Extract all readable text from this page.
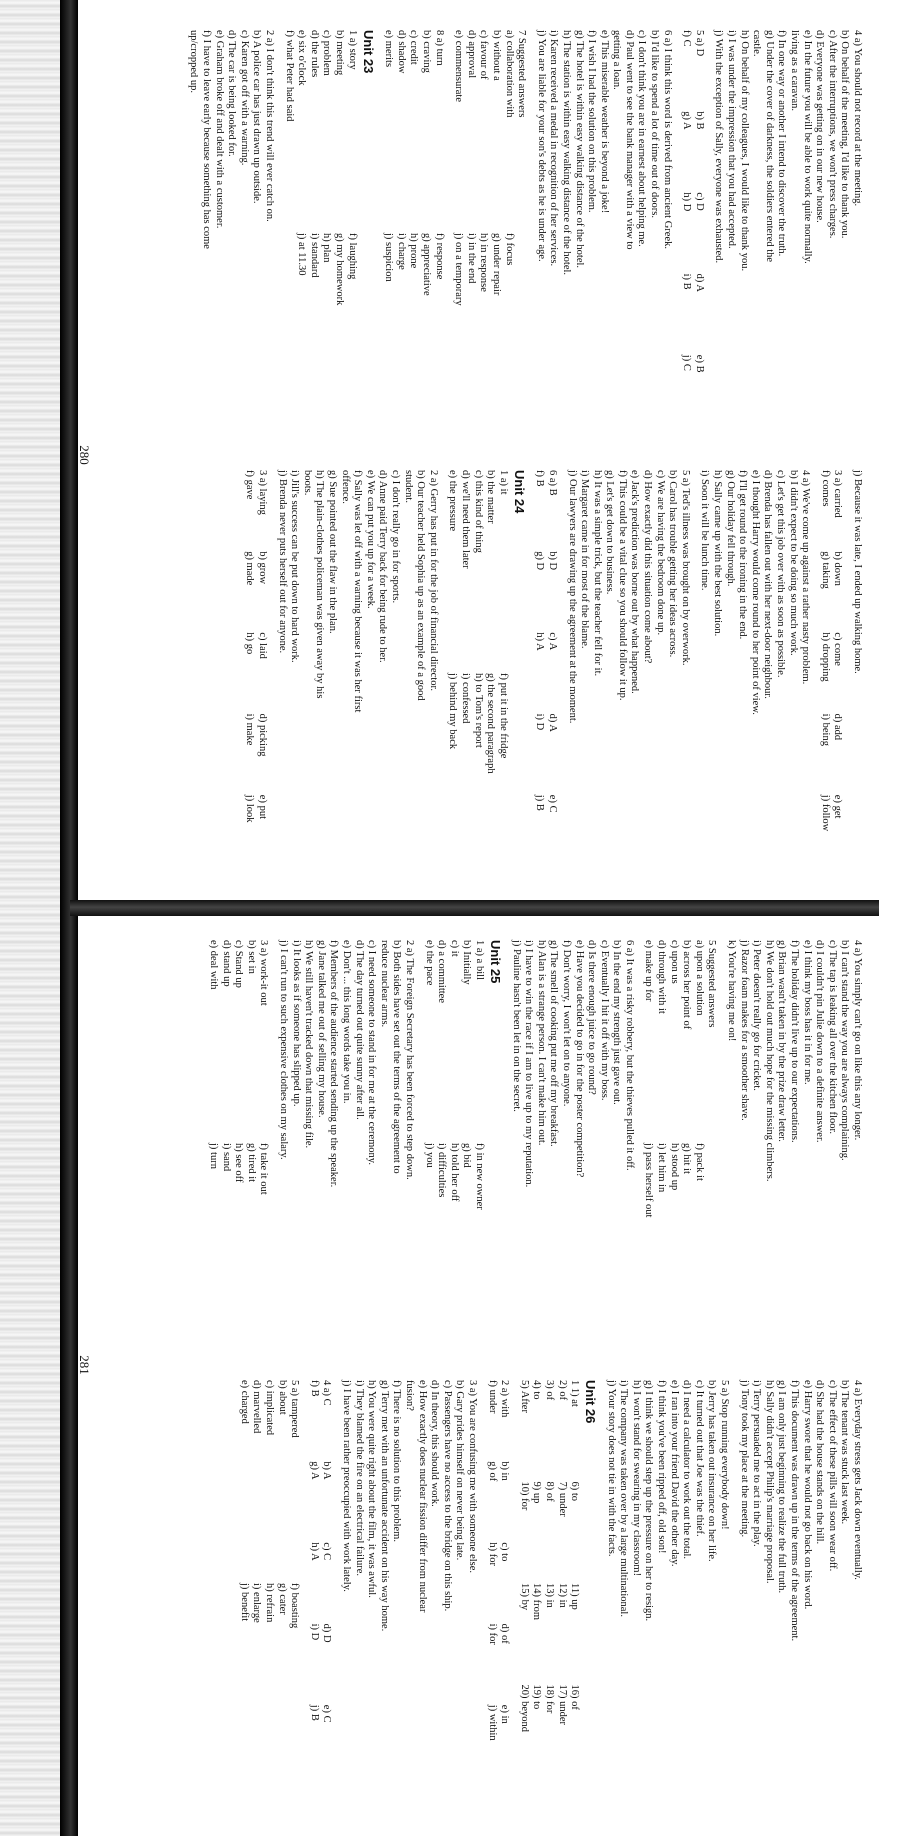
4 a) You should not record at the meeting.
b) On behalf of the meeting, I'd like to thank you.
c) After the interruptions, we won't press charges.
d) Everyone was getting on in our new house.
e) In the future you will be able to work quite normally.
living as a caravan.
f) In one way or another I intend to discover the truth.
g) Under the cover of darkness, the soldiers entered the
castle.
h) On behalf of my colleagues, I would like to thank you.
i) I was under the impression that you had accepted.
j) With the exception of Sally, everyone was exhausted.
5 a) D
b) B
c) D
d) A
e) B
f) C
g) A
h) D
i) B
j) C
6 a) I think this word is derived from ancient Greek.
b) I'd like to spend a lot of time out of doors.
c) I don't think you are in earnest about helping me.
d) Paul went to see the bank manager with a view to
getting a loan.
e) This miserable weather is beyond a joke!
f) I wish I had the solution on this problem.
g) The hotel is within easy walking distance of the hotel.
h) The station is within easy walking distance of the hotel.
i) Karen received a medal in recognition of her services.
j) You are liable for your son's debts as he is under age.
7 Suggested answers
a) collaboration with
f) focus
b) without a
g) under repair
c) favour of
h) in response
d) approval
i) in the end
e) commensurate
j) on a temporary
8 a) turn
f) response
b) craving
g) appreciative
c) credit
h) prone
d) shadow
i) charge
e) merits
j) suspicion
Unit 23
1 a) story
f) laughing
b) meeting
g) my homework
c) problem
h) plan
d) the rules
i) standard
e) six o'clock
j) at 11.30
f) what Peter had said
2 a) I don't think this trend will ever catch on.
b) A police car has just drawn up outside.
c) Karen got off with a warning.
d) The car is being looked for.
e) Graham broke off and dealt with a customer.
f) I have to leave early because something has come
up/cropped up.
j) Because it was late, I ended up walking home.
3 a) carried
b) down
c) come
d) add
e) get
f) comes
g) taking
h) dropping
i) being
j) follow
4 a) We've come up against a rather nasty problem.
b) I didn't expect to be doing so much work.
c) Let's get this job over with as soon as possible.
d) Brenda has fallen out with her next-door neighbour.
e) I thought Harry would come round to her point of view.
f) I'll get round to the ironing in the end.
g) Our holiday fell through.
h) Sally came up with the best solution.
i) Soon it will be lunch time.
5 a) Ted's illness was brought on by overwork.
b) Carol has trouble getting her ideas across.
c) We are having the bedroom done up.
d) How exactly did this situation come about?
e) Jack's prediction was borne out by what happened.
f) This could be a vital clue so you should follow it up.
g) Let's get down to business.
h) It was a simple trick, but the teacher fell for it.
i) Margaret came in for most of the blame.
j) Our lawyers are drawing up the agreement at the moment.
6 a) B
b) D
c) A
d) A
e) C
f) B
g) D
h) A
i) D
j) B
Unit 24
1 a) it
f) put it in the fridge
b) the matter
g) the second paragraph
c) this kind of thing
h) to Tom's report
d) we'll need them later
i) confessed
e) the pressure
j) behind my back
2 a) Gerry has put in for the job of financial director.
b) Our teacher held Sophia up as an example of a good
student.
c) I don't really go in for sports.
d) Anne paid Terry back for being rude to her.
e) We can put you up for a week.
f) Sally was let off with a warning because it was her first
offence.
g) Sue pointed out the flaw in the plan.
h) The plain-clothes policeman was given away by his
boots.
i) Jill's success can be put down to hard work.
j) Brenda never puts herself out for anyone.
3 a) laying
b) grow
c) laid
d) picking
e) put
f) gave
g) made
h) go
i) make
j) look
280
4 a) You simply can't go on like this any longer.
b) I can't stand the way you are always complaining.
c) The tap is leaking all over the kitchen floor.
d) I couldn't pin Julie down to a definite answer.
e) I think my boss has it in for me.
f) The holiday didn't live up to our expectations.
g) Brian wasn't taken in by the prize draw letter.
h) We don't hold out much hope for the missing climbers.
i) Peter doesn't really go for cricket.
j) Razor foam makes for a smoother shave.
k) You're having me on!
5 Suggested answers
a) upon a solution
f) pack it
b) across her point of
g) hit it
c) upon us
h) stood up
d) through with it
i) let him in
e) make up for
j) pass herself out
6 a) It was a risky robbery, but the thieves pulled it off.
b) In the end my strength just gave out.
c) Eventually I hit it off with my boss.
d) Is there enough juice to go round?
e) Have you decided to go in for the poster competition?
f) Don't worry, I won't let on to anyone.
g) The smell of cooking put me off my breakfast.
h) Alan is a strange person. I can't make him out.
i) I have to win the race if I am to live up to my reputation.
j) Pauline hasn't been let in on the secret.
Unit 25
1 a) a bill
f) in new owner
b) Initially
g) bid
c) it
h) told her off
d) a committee
i) difficulties
e) the pace
j) you
2 a) The Foreign Secretary has been forced to step down.
b) Both sides have set out the terms of the agreement to
reduce nuclear arms.
c) I need someone to stand in for me at the ceremony.
d) The day turned out quite sunny after all.
e) Don't ... this long words take you in.
f) Members of the audience started sending up the speaker.
g) Jane talked me out of selling my house.
h) We still haven't tracked down that missing file.
i) It looks as if someone has slipped up.
j) I can't run to such expensive clothes on my salary.
3 a) work-it out
f) take it out
b) set in
g) tired it
c) Stand up
h) see off
d) stand up
i) sand
e) deal with
j) turn
4 a) Everyday stress gets Jack down eventually.
b) The tenant was stuck last week.
c) The effect of these pills will soon wear off.
d) She had the house stands on the hill.
e) Harry swore that he would not go back on his word.
f) This document was drawn up in the terms of the agreement.
g) I am only just beginning to realize the full truth.
h) Sally didn't accept Philip's marriage proposal.
i) Terry persuaded me to act in the play.
j) Tony took my place at the meeting.
5 a) Stop running everybody down!
b) Jerry has taken out insurance on her life.
c) It turned out that Joe was the thief.
d) I need a calculator to work out the total.
e) I ran into your friend David the other day.
f) I think you've been ripped off, old son!
g) I think we should step up the pressure on her to resign.
h) I won't stand for swearing in my classroom!
i) The company was taken over by a large multinational.
j) Your story does not tie in with the facts.
Unit 26
1 1) at
6) to
11) up
16) of
2) of
7) under
12) in
17) under
3) of
8) of
13) in
18) for
4) to
9) up
14) from
19) to
5) After
10) for
15) by
20) beyond
2 a) with
b) in
c) to
d) of
e) in
f) under
g) of
h) for
i) for
j) within
3 a) You are confusing me with someone else.
b) Gary prides himself on never being late.
c) Passengers have no access to the bridge on this ship.
d) In theory, this should work.
e) How exactly does nuclear fission differ from nuclear
fusion?
f) There is no solution to this problem.
g) Terry met with an unfortunate accident on his way home.
h) You were quite right about the film, it was awful.
i) They blamed the fire on an electrical failure.
j) I have been rather preoccupied with work lately.
4 a) C
b) A
c) C
d) D
e) C
f) B
g) A
h) A
i) D
j) B
5 a) tampered
f) boasting
b) about
g) cater
c) implicated
h) refrain
d) marvelled
i) enlarge
e) charged
j) benefit
281
